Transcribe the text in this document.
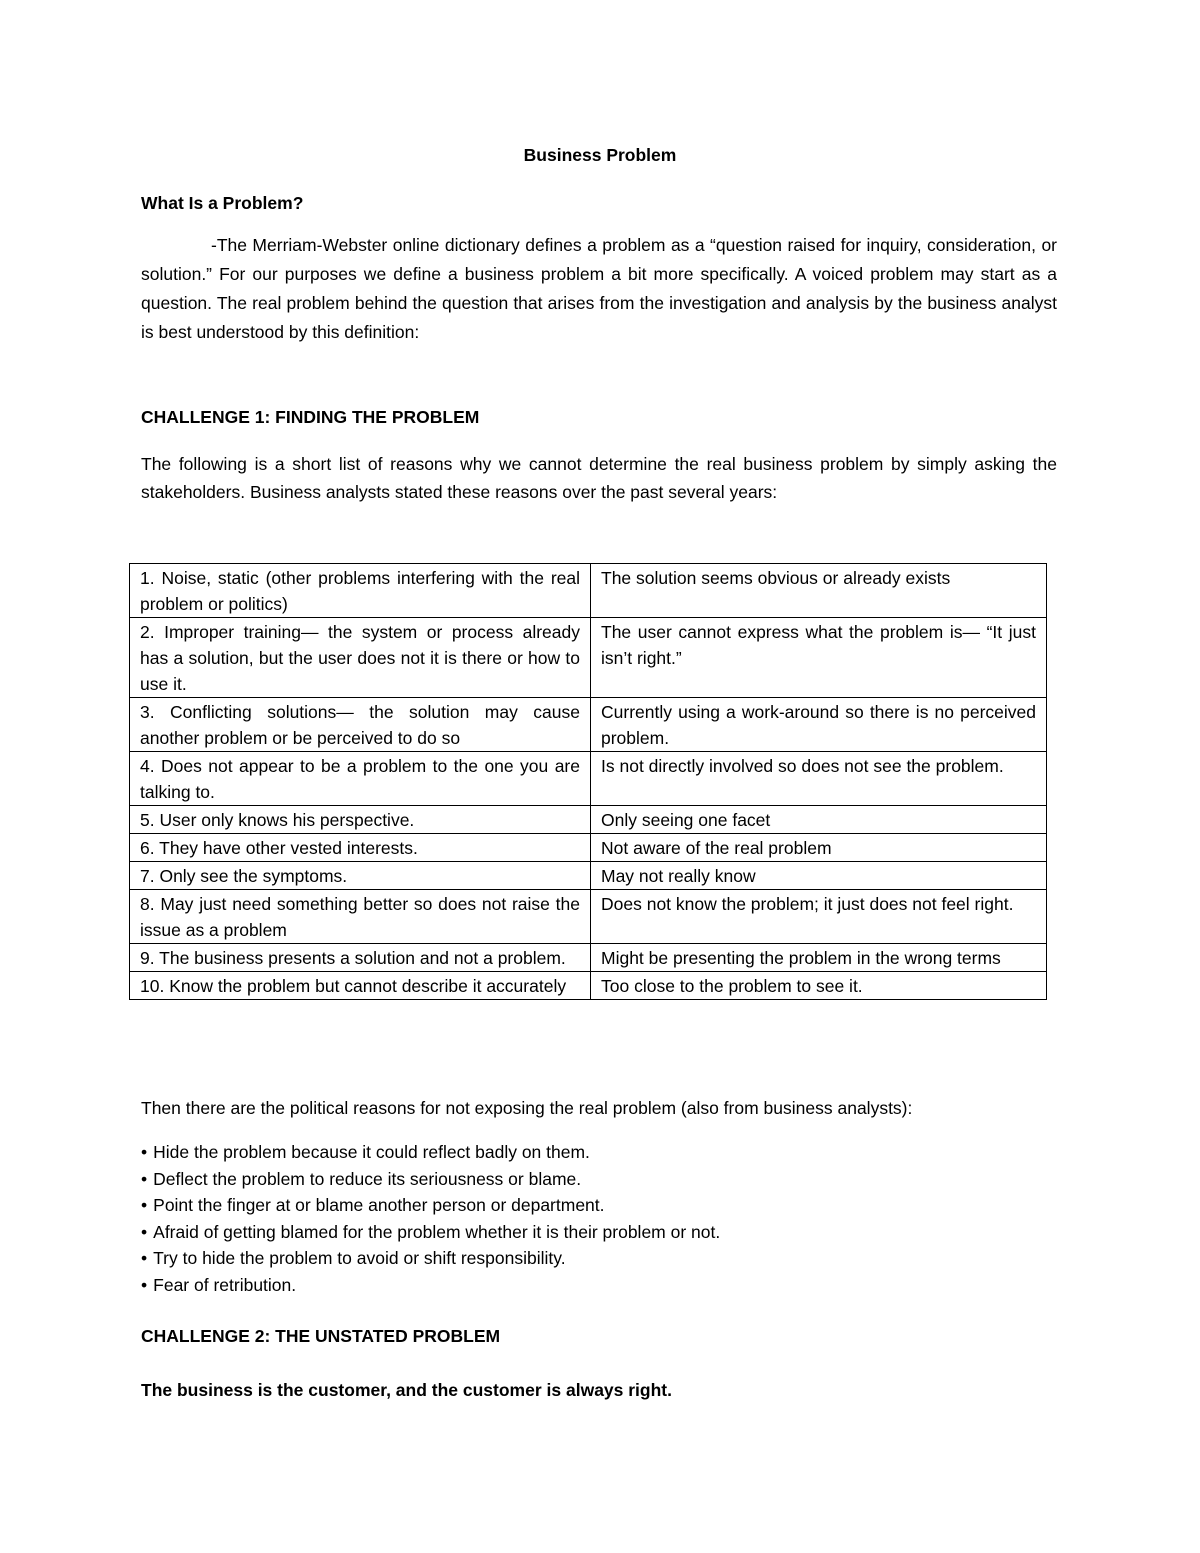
Business Problem

What Is a Problem?

-The Merriam-Webster online dictionary defines a problem as a “question raised for inquiry, consideration, or solution.” For our purposes we define a business problem a bit more specifically. A voiced problem may start as a question. The real problem behind the question that arises from the investigation and analysis by the business analyst is best understood by this definition:

CHALLENGE 1: FINDING THE PROBLEM

The following is a short list of reasons why we cannot determine the real business problem by simply asking the stakeholders. Business analysts stated these reasons over the past several years:

1. Noise, static (other problems interfering with the real problem or politics)	The solution seems obvious or already exists
2. Improper training— the system or process already has a solution, but the user does not it is there or how to use it.	The user cannot express what the problem is— “It just isn’t right.”
3. Conflicting solutions— the solution may cause another problem or be perceived to do so	Currently using a work-around so there is no perceived problem.
4. Does not appear to be a problem to the one you are talking to.	Is not directly involved so does not see the problem.
5. User only knows his perspective.	Only seeing one facet
6. They have other vested interests.	Not aware of the real problem
7. Only see the symptoms.	May not really know
8. May just need something better so does not raise the issue as a problem	Does not know the problem; it just does not feel right.
9. The business presents a solution and not a problem.	Might be presenting the problem in the wrong terms
10. Know the problem but cannot describe it accurately	Too close to the problem to see it.

Then there are the political reasons for not exposing the real problem (also from business analysts):

• Hide the problem because it could reflect badly on them.
• Deflect the problem to reduce its seriousness or blame.
• Point the finger at or blame another person or department.
• Afraid of getting blamed for the problem whether it is their problem or not.
• Try to hide the problem to avoid or shift responsibility.
• Fear of retribution.

CHALLENGE 2: THE UNSTATED PROBLEM

The business is the customer, and the customer is always right.
